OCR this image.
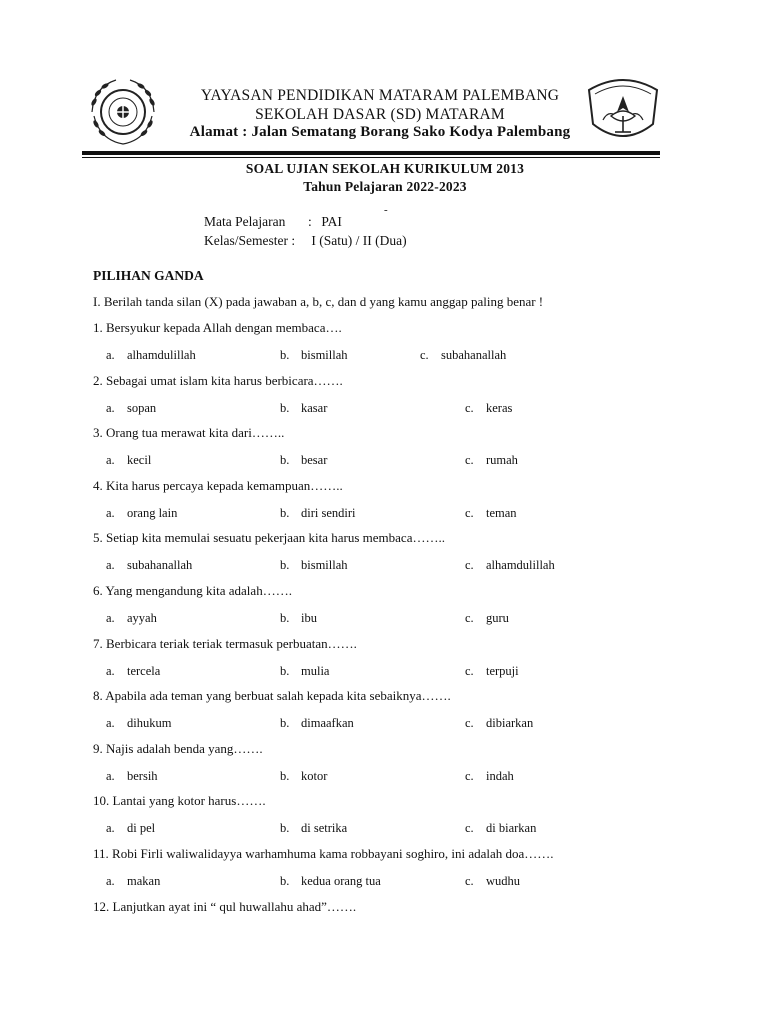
YAYASAN PENDIDIKAN MATARAM PALEMBANG
SEKOLAH DASAR (SD) MATARAM
Alamat : Jalan Sematang Borang Sako Kodya Palembang
SOAL UJIAN SEKOLAH KURIKULUM 2013
Tahun Pelajaran 2022-2023
-
Mata Pelajaran : PAI
Kelas/Semester : I (Satu) / II (Dua)
PILIHAN GANDA
I. Berilah tanda silan (X) pada jawaban a, b, c, dan d yang kamu anggap paling benar !
1. Bersyukur kepada Allah dengan membaca….
a. alhamdulillah	b. bismillah	c. subahanallah
2. Sebagai umat islam kita harus berbicara…….
a. sopan	b. kasar	c. keras
3. Orang tua merawat kita dari……..
a. kecil	b. besar	c. rumah
4. Kita harus percaya kepada kemampuan……..
a. orang lain	b. diri sendiri	c. teman
5. Setiap kita memulai sesuatu pekerjaan kita harus membaca……..
a. subahanallah	b. bismillah	c. alhamdulillah
6. Yang mengandung kita adalah…….
a. ayyah	b. ibu	c. guru
7. Berbicara teriak teriak termasuk perbuatan…….
a. tercela	b. mulia	c. terpuji
8. Apabila ada teman yang berbuat salah kepada kita sebaiknya…….
a. dihukum	b. dimaafkan	c. dibiarkan
9. Najis adalah benda yang…….
a. bersih	b. kotor	c. indah
10. Lantai yang kotor harus…….
a. di pel	b. di setrika	c. di biarkan
11. Robi Firli waliwalidayya warhamhuma kama robbayani soghiro, ini adalah doa…….
a. makan	b. kedua orang tua	c. wudhu
12. Lanjutkan ayat ini “ qul huwallahu ahad”…….
